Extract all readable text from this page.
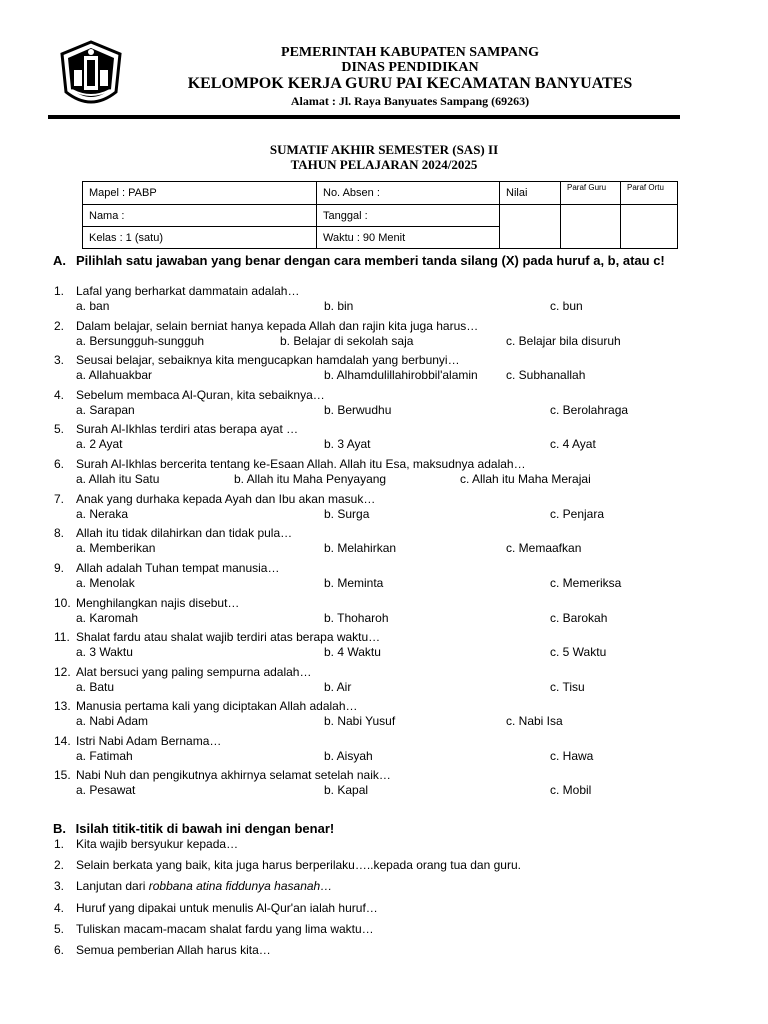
PEMERINTAH KABUPATEN SAMPANG
DINAS PENDIDIKAN
KELOMPOK KERJA GURU PAI KECAMATAN BANYUATES
Alamat : Jl. Raya Banyuates Sampang (69263)
SUMATIF AKHIR SEMESTER (SAS) II
TAHUN PELAJARAN 2024/2025
Mapel : PABP	No. Absen :	Nilai	Paraf Guru	Paraf Ortu
Nama :	Tanggal :			
Kelas : 1 (satu)	Waktu : 90 Menit			
A. Pilihlah satu jawaban yang benar dengan cara memberi tanda silang (X) pada huruf a, b, atau c!
1. Lafal yang berharkat dammatain adalah…
a. ban	b. bin	c. bun
2. Dalam belajar, selain berniat hanya kepada Allah dan rajin kita juga harus…
a. Bersungguh-sungguh	b. Belajar di sekolah saja	c. Belajar bila disuruh
3. Seusai belajar, sebaiknya kita mengucapkan hamdalah yang berbunyi…
a. Allahuakbar	b. Alhamdulillahirobbil'alamin c. Subhanallah
4. Sebelum membaca Al-Quran, kita sebaiknya…
a. Sarapan	b. Berwudhu	c. Berolahraga
5. Surah Al-Ikhlas terdiri atas berapa ayat …
a. 2 Ayat	b. 3 Ayat	c. 4 Ayat
6. Surah Al-Ikhlas bercerita tentang ke-Esaan Allah. Allah itu Esa, maksudnya adalah…
a. Allah itu Satu	b. Allah itu Maha Penyayang	c. Allah itu Maha Merajai
7. Anak yang durhaka kepada Ayah dan Ibu akan masuk…
a. Neraka	b. Surga	c. Penjara
8. Allah itu tidak dilahirkan dan tidak pula…
a. Memberikan	b. Melahirkan	c. Memaafkan
9. Allah adalah Tuhan tempat manusia…
a. Menolak	b. Meminta	c. Memeriksa
10. Menghilangkan najis disebut…
a. Karomah	b. Thoharoh	c. Barokah
11. Shalat fardu atau shalat wajib terdiri atas berapa waktu…
a. 3 Waktu	b. 4 Waktu	c. 5 Waktu
12. Alat bersuci yang paling sempurna adalah…
a. Batu	b. Air	c. Tisu
13. Manusia pertama kali yang diciptakan Allah adalah…
a. Nabi Adam	b. Nabi Yusuf	c. Nabi Isa
14. Istri Nabi Adam Bernama…
a. Fatimah	b. Aisyah	c. Hawa
15. Nabi Nuh dan pengikutnya akhirnya selamat setelah naik…
a. Pesawat	b. Kapal	c. Mobil
B. Isilah titik-titik di bawah ini dengan benar!
1. Kita wajib bersyukur kepada…
2. Selain berkata yang baik, kita juga harus berperilaku…..kepada orang tua dan guru.
3. Lanjutan dari robbana atina fiddunya hasanah…
4. Huruf yang dipakai untuk menulis Al-Qur'an ialah huruf…
5. Tuliskan macam-macam shalat fardu yang lima waktu…
6. Semua pemberian Allah harus kita…
